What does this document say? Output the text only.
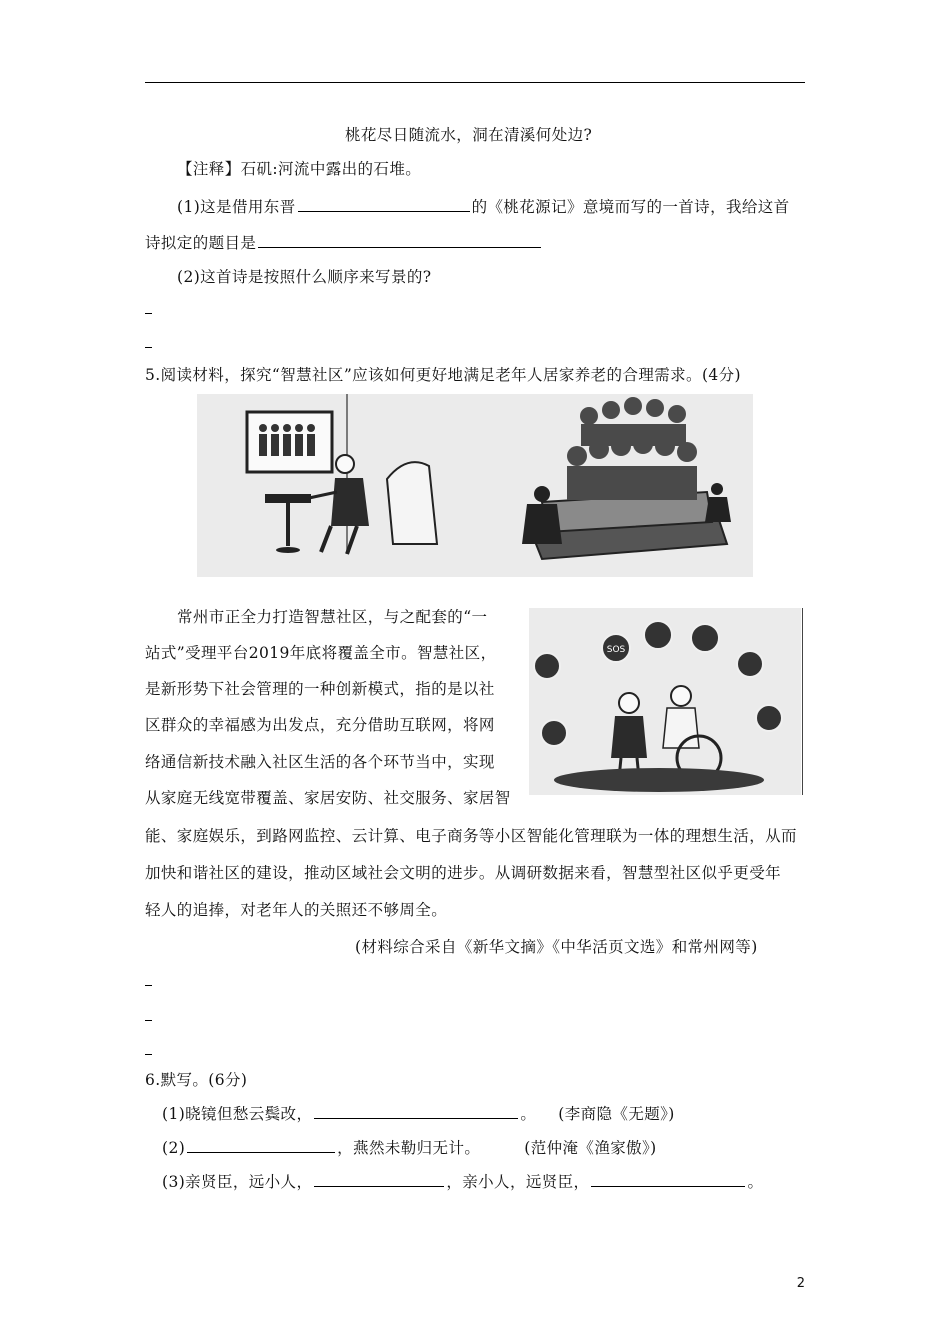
桃花尽日随流水，洞在清溪何处边?
【注释】石矶:河流中露出的石堆。
(1)这是借用东晋	的《桃花源记》意境而写的一首诗，我给这首
诗拟定的题目是
(2)这首诗是按照什么顺序来写景的?
5.阅读材料，探究“智慧社区”应该如何更好地满足老年人居家养老的合理需求。(4分)
常州市正全力打造智慧社区，与之配套的“一
站式”受理平台2019年底将覆盖全市。智慧社区，
是新形势下社会管理的一种创新模式，指的是以社
区群众的幸福感为出发点，充分借助互联网，将网
络通信新技术融入社区生活的各个环节当中，实现
从家庭无线宽带覆盖、家居安防、社交服务、家居智
能、家庭娱乐，到路网监控、云计算、电子商务等小区智能化管理联为一体的理想生活，从而
加快和谐社区的建设，推动区域社会文明的进步。从调研数据来看，智慧型社区似乎更受年
轻人的追捧，对老年人的关照还不够周全。
SOS
(材料综合采自《新华文摘》《中华活页文选》和常州网等)
6.默写。(6分)
(1)晓镜但愁云鬓改，	。 (李商隐《无题》)
(2)	，燕然未勒归无计。	(范仲淹《渔家傲》)
(3)亲贤臣，远小人，	，亲小人，远贤臣，	。
2
